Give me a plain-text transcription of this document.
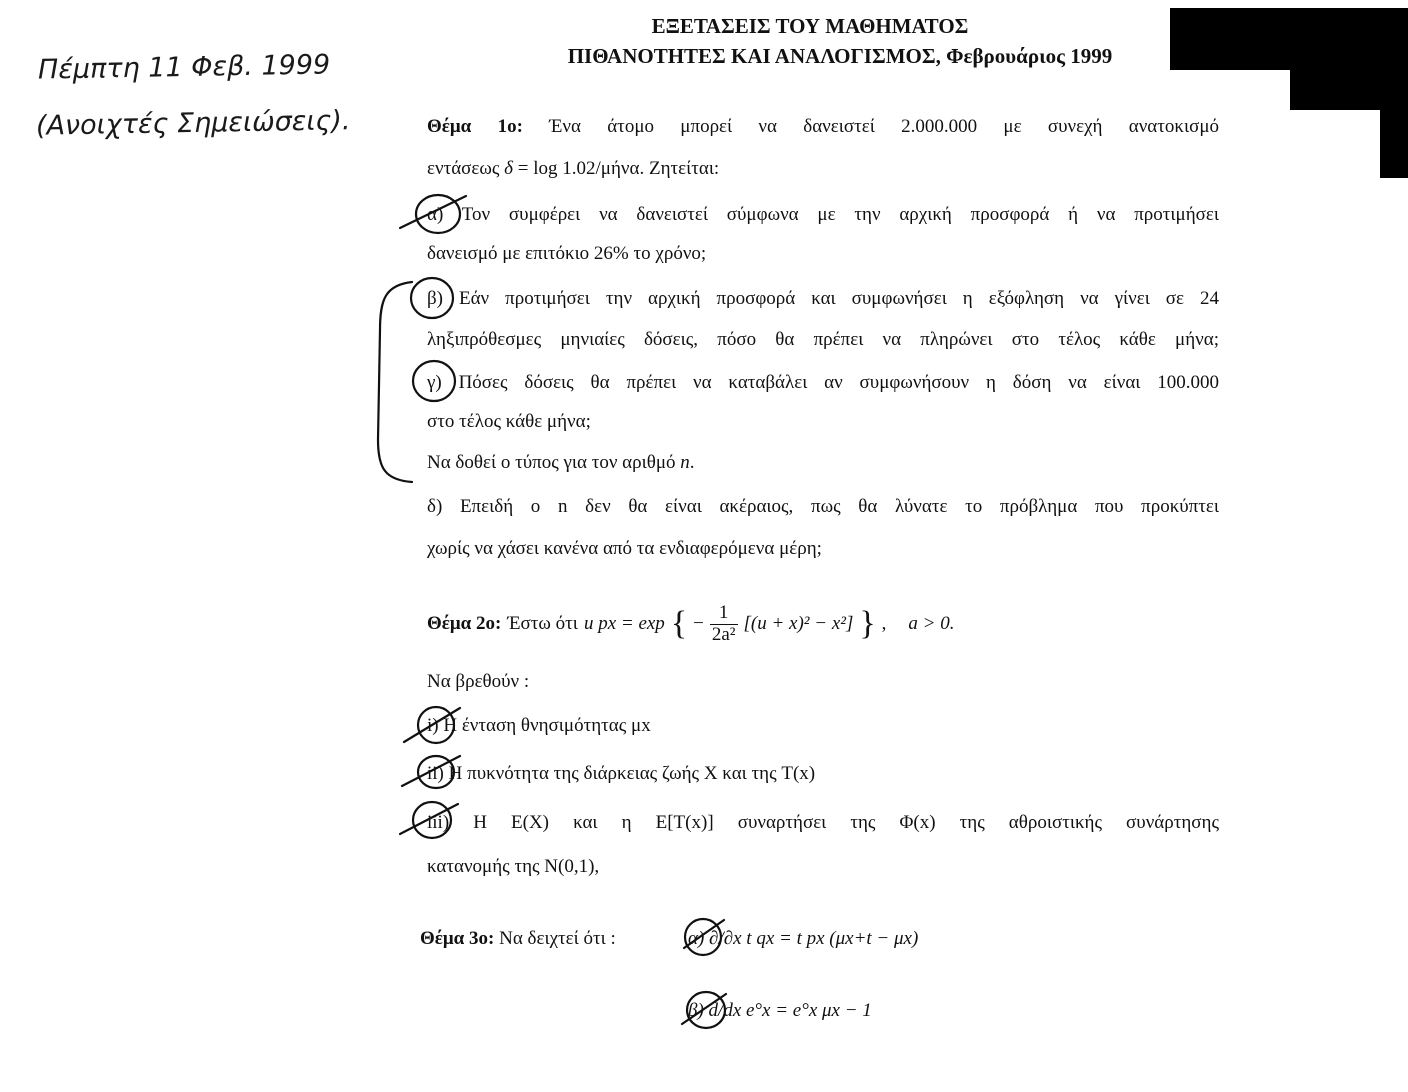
ΕΞΕΤΑΣΕΙΣ ΤΟΥ ΜΑΘΗΜΑΤΟΣ
ΠΙΘΑΝΟΤΗΤΕΣ ΚΑΙ ΑΝΑΛΟΓΙΣΜΟΣ, Φεβρουάριος 1999
Πέμπτη 11 Φεβ. 1999
(Ανοιχτές Σημειώσεις).	Θέμα 1ο: Ένα άτομο μπορεί να δανειστεί 2.000.000 με συνεχή ανατοκισμό
εντάσεως δ = log 1.02/μήνα. Ζητείται:
α) Τον συμφέρει να δανειστεί σύμφωνα με την αρχική προσφορά ή να προτιμήσει
δανεισμό με επιτόκιο 26% το χρόνο;
β) Εάν προτιμήσει την αρχική προσφορά και συμφωνήσει η εξόφληση να γίνει σε 24
ληξιπρόθεσμες μηνιαίες δόσεις, πόσο θα πρέπει να πληρώνει στο τέλος κάθε μήνα;
γ) Πόσες δόσεις θα πρέπει να καταβάλει αν συμφωνήσουν η δόση να είναι 100.000
στο τέλος κάθε μήνα;
Να δοθεί ο τύπος για τον αριθμό n.
δ) Επειδή ο n δεν θα είναι ακέραιος, πως θα λύνατε το πρόβλημα που προκύπτει
χωρίς να χάσει κανένα από τα ενδιαφερόμενα μέρη;
Θέμα 2ο: Έστω ότι u px = exp { − $\frac{1}{\text{2a²}} [(u + x)^2 - x^2]$ } , a > 0.
Να βρεθούν :
i) Η ένταση θνησιμότητας μx
ii) Η πυκνότητα της διάρκειας ζωής X και της T(x)
iii) Η E(X) και η E[T(x)] συναρτήσει της Φ(x) της αθροιστικής συνάρτησης
κατανομής της N(0,1),
Θέμα 3ο: Να δειχτεί ότι :	α) ∂/∂x t qx = t px (μx+t − μx)
β) d/dx e°x = e°x μx − 1
